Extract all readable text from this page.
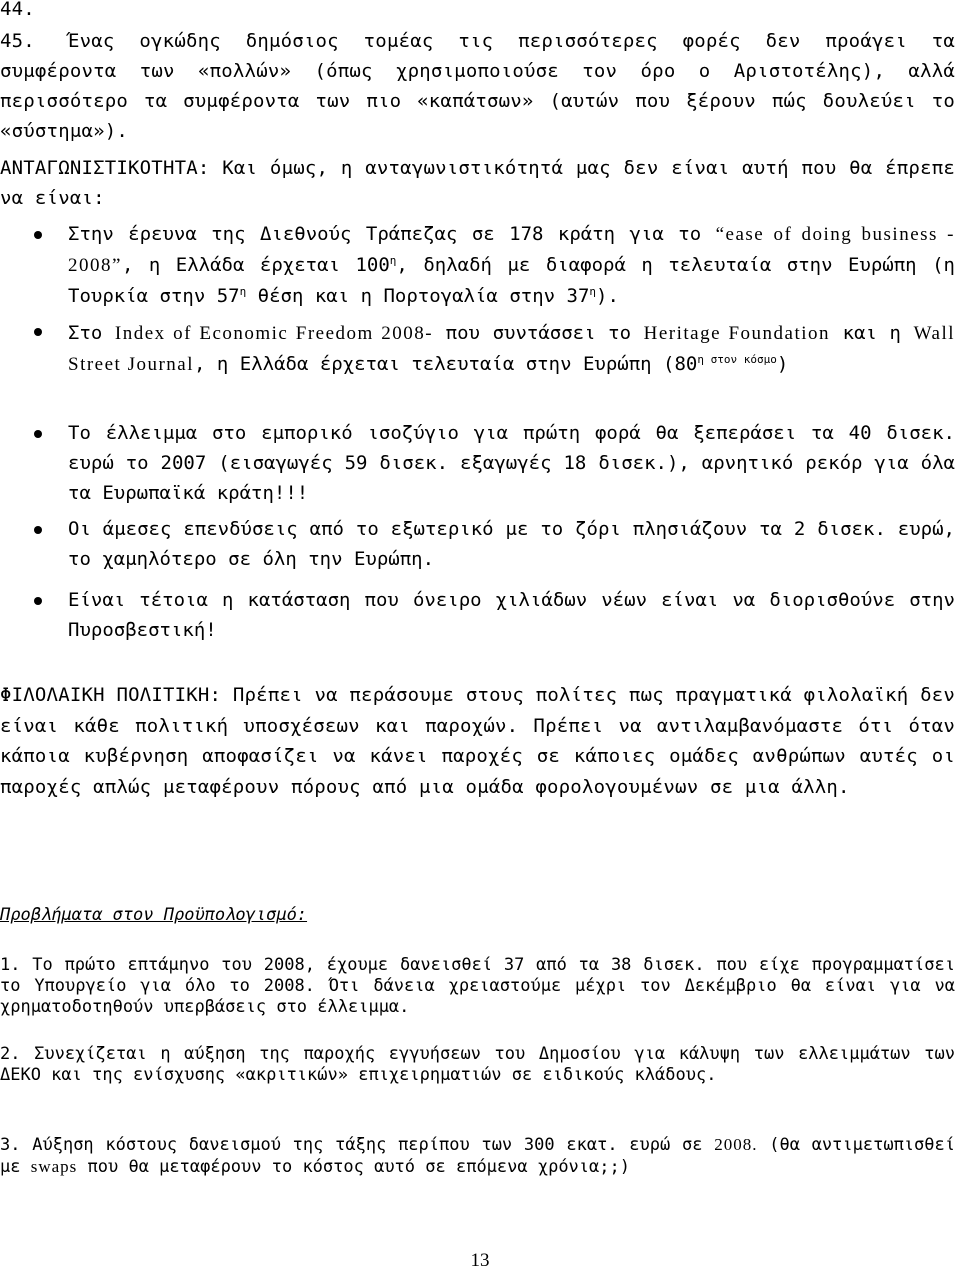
44.
45. Ένας ογκώδης δημόσιος τομέας τις περισσότερες φορές δεν προάγει τα συμφέροντα των «πολλών» (όπως χρησιμοποιούσε τον όρο ο Αριστοτέλης), αλλά περισσότερο τα συμφέροντα των πιο «καπάτσων» (αυτών που ξέρουν πώς δουλεύει το «σύστημα»).
ΑΝΤΑΓΩΝΙΣΤΙΚΟΤΗΤΑ: Και όμως, η ανταγωνιστικότητά μας δεν είναι αυτή που θα έπρεπε να είναι:
Στην έρευνα της Διεθνούς Τράπεζας σε 178 κράτη για το “ease of doing business - 2008”, η Ελλάδα έρχεται $100^\eta$, δηλαδή με διαφορά η τελευταία στην Ευρώπη (η Τουρκία στην $57^\eta$ θέση και η Πορτογαλία στην $37^\eta$).
Στο Index of Economic Freedom 2008- που συντάσσει το Heritage Foundation και η Wall Street Journal, η Ελλάδα έρχεται τελευταία στην Ευρώπη $(80^{\eta \sigma\tau o\nu \kappa ό\sigma\mu o})$
Το έλλειμμα στο εμπορικό ισοζύγιο για πρώτη φορά θα ξεπεράσει τα 40 δισεκ. ευρώ το 2007 (εισαγωγές 59 δισεκ. εξαγωγές 18 δισεκ.), αρνητικό ρεκόρ για όλα τα Ευρωπαϊκά κράτη!!!
Οι άμεσες επενδύσεις από το εξωτερικό με το ζόρι πλησιάζουν τα 2 δισεκ. ευρώ, το χαμηλότερο σε όλη την Ευρώπη.
Είναι τέτοια η κατάσταση που όνειρο χιλιάδων νέων είναι να διορισθούνε στην Πυροσβεστική!
ΦΙΛΟΛΑΙΚΗ ΠΟΛΙΤΙΚΗ: Πρέπει να περάσουμε στους πολίτες πως πραγματικά φιλολαϊκή δεν είναι κάθε πολιτική υποσχέσεων και παροχών. Πρέπει να αντιλαμβανόμαστε ότι όταν κάποια κυβέρνηση αποφασίζει να κάνει παροχές σε κάποιες ομάδες ανθρώπων αυτές οι παροχές απλώς μεταφέρουν πόρους από μια ομάδα φορολογουμένων σε μια άλλη.
Προβλήματα στον Προϋπολογισμό:
1. Το πρώτο επτάμηνο του 2008, έχουμε δανεισθεί 37 από τα 38 δισεκ. που είχε προγραμματίσει το Υπουργείο για όλο το 2008. Ότι δάνεια χρειαστούμε μέχρι τον Δεκέμβριο θα είναι για να χρηματοδοτηθούν υπερβάσεις στο έλλειμμα.
2. Συνεχίζεται η αύξηση της παροχής εγγυήσεων του Δημοσίου για κάλυψη των ελλειμμάτων των ΔΕΚΟ και της ενίσχυσης «ακριτικών» επιχειρηματιών σε ειδικούς κλάδους.
3. Αύξηση κόστους δανεισμού της τάξης περίπου των 300 εκατ. ευρώ σε 2008. (θα αντιμετωπισθεί με swaps που θα μεταφέρουν το κόστος αυτό σε επόμενα χρόνια;;)
13
